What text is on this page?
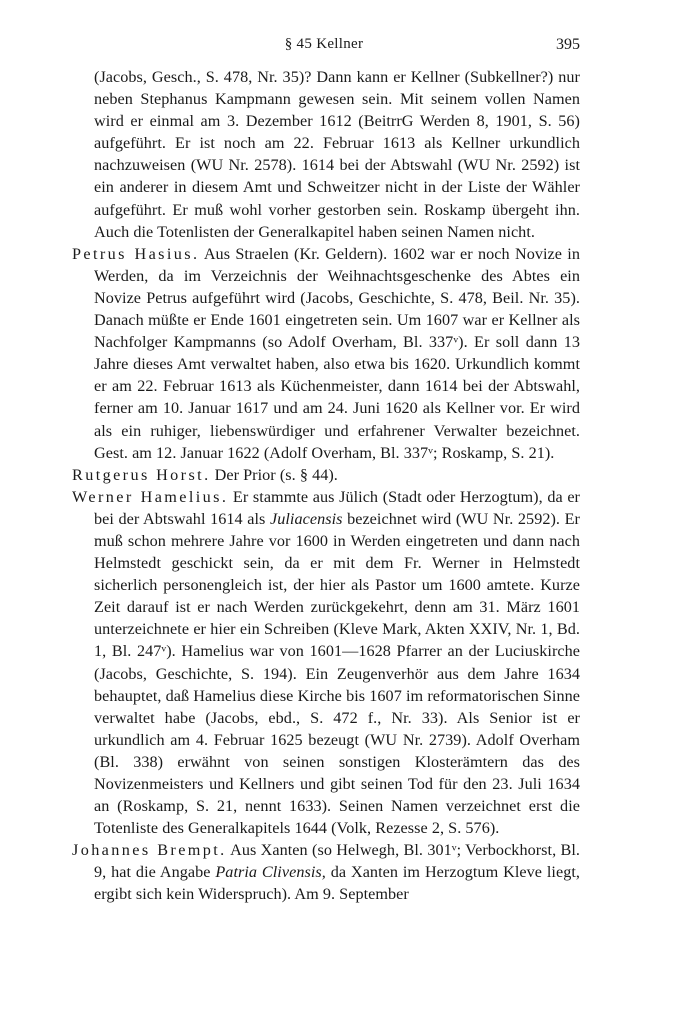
§ 45 Kellner	395

(Jacobs, Gesch., S. 478, Nr. 35)? Dann kann er Kellner (Subkellner?) nur neben Stephanus Kampmann gewesen sein. Mit seinem vollen Namen wird er einmal am 3. Dezember 1612 (BeitrrG Werden 8, 1901, S. 56) aufgeführt. Er ist noch am 22. Februar 1613 als Kellner urkundlich nachzuweisen (WU Nr. 2578). 1614 bei der Abtswahl (WU Nr. 2592) ist ein anderer in diesem Amt und Schweitzer nicht in der Liste der Wähler aufgeführt. Er muß wohl vorher gestorben sein. Roskamp übergeht ihn. Auch die Totenlisten der Generalkapitel haben seinen Namen nicht.

Petrus Hasius. Aus Straelen (Kr. Geldern). 1602 war er noch Novize in Werden, da im Verzeichnis der Weihnachtsgeschenke des Abtes ein Novize Petrus aufgeführt wird (Jacobs, Geschichte, S. 478, Beil. Nr. 35). Danach müßte er Ende 1601 eingetreten sein. Um 1607 war er Kellner als Nachfolger Kampmanns (so Adolf Overham, Bl. 337ᵛ). Er soll dann 13 Jahre dieses Amt verwaltet haben, also etwa bis 1620. Urkundlich kommt er am 22. Februar 1613 als Küchenmeister, dann 1614 bei der Abtswahl, ferner am 10. Januar 1617 und am 24. Juni 1620 als Kellner vor. Er wird als ein ruhiger, liebenswürdiger und erfahrener Verwalter bezeichnet. Gest. am 12. Januar 1622 (Adolf Overham, Bl. 337ᵛ; Roskamp, S. 21).

Rutgerus Horst. Der Prior (s. § 44).

Werner Hamelius. Er stammte aus Jülich (Stadt oder Herzogtum), da er bei der Abtswahl 1614 als Juliacensis bezeichnet wird (WU Nr. 2592). Er muß schon mehrere Jahre vor 1600 in Werden eingetreten und dann nach Helmstedt geschickt sein, da er mit dem Fr. Werner in Helmstedt sicherlich personengleich ist, der hier als Pastor um 1600 amtete. Kurze Zeit darauf ist er nach Werden zurückgekehrt, denn am 31. März 1601 unterzeichnete er hier ein Schreiben (Kleve Mark, Akten XXIV, Nr. 1, Bd. 1, Bl. 247ᵛ). Hamelius war von 1601—1628 Pfarrer an der Luciuskirche (Jacobs, Geschichte, S. 194). Ein Zeugenverhör aus dem Jahre 1634 behauptet, daß Hamelius diese Kirche bis 1607 im reformatorischen Sinne verwaltet habe (Jacobs, ebd., S. 472 f., Nr. 33). Als Senior ist er urkundlich am 4. Februar 1625 bezeugt (WU Nr. 2739). Adolf Overham (Bl. 338) erwähnt von seinen sonstigen Klosterämtern das des Novizenmeisters und Kellners und gibt seinen Tod für den 23. Juli 1634 an (Roskamp, S. 21, nennt 1633). Seinen Namen verzeichnet erst die Totenliste des Generalkapitels 1644 (Volk, Rezesse 2, S. 576).

Johannes Brempt. Aus Xanten (so Helwegh, Bl. 301ᵛ; Verbockhorst, Bl. 9, hat die Angabe Patria Clivensis, da Xanten im Herzogtum Kleve liegt, ergibt sich kein Widerspruch). Am 9. September
